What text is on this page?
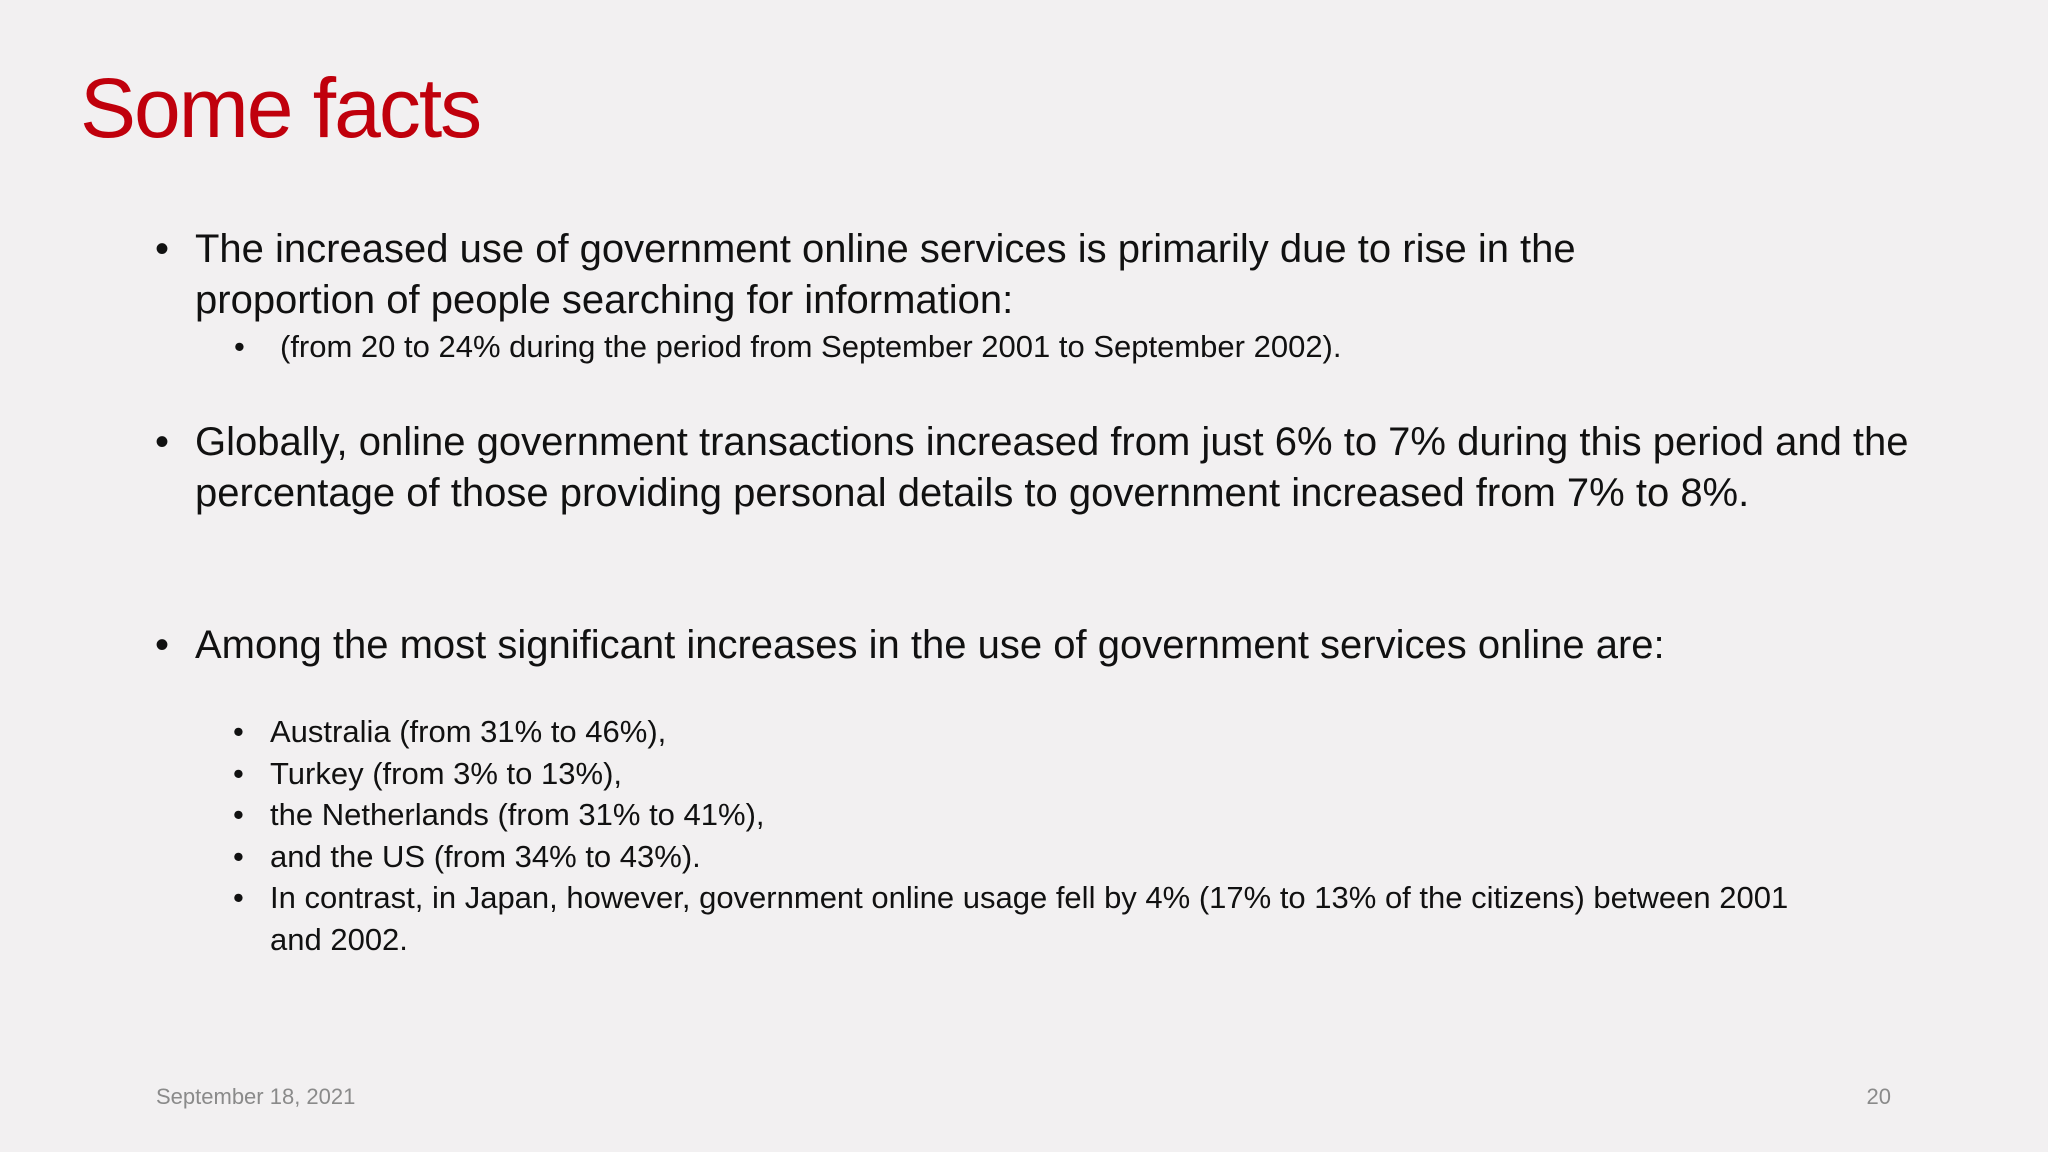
Some facts
• The increased use of government online services is primarily due to rise in the proportion of people searching for information:
• (from 20 to 24% during the period from September 2001 to September 2002).
• Globally, online government transactions increased from just 6% to 7% during this period and the percentage of those providing personal details to government increased from 7% to 8%.
• Among the most significant increases in the use of government services online are:
• Australia (from 31% to 46%),
• Turkey (from 3% to 13%),
• the Netherlands (from 31% to 41%),
• and the US (from 34% to 43%).
• In contrast, in Japan, however, government online usage fell by 4% (17% to 13% of the citizens) between 2001 and 2002.
September 18, 2021	20
